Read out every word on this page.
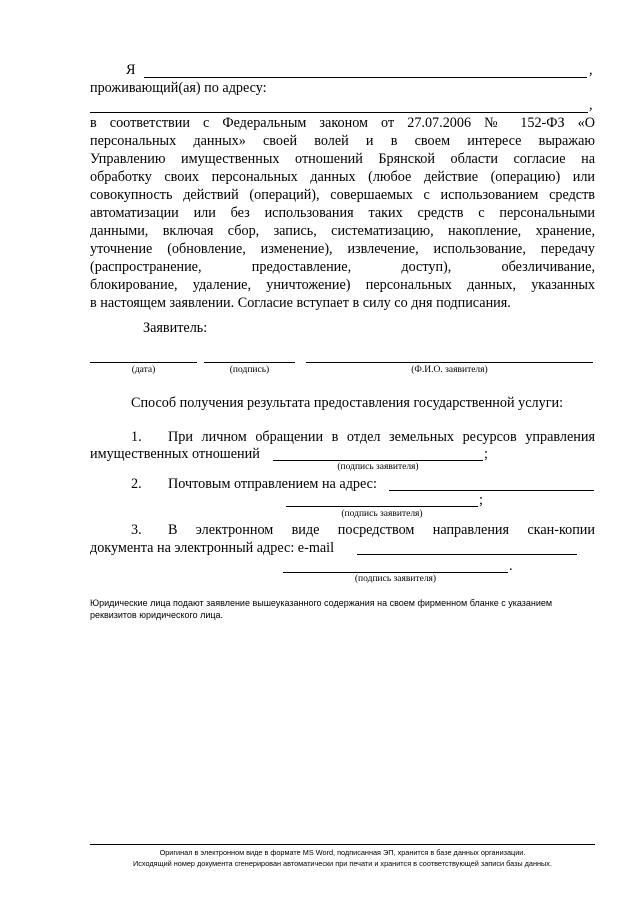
Я	,
проживающий(ая) по адресу:
,
в соответствии с Федеральным законом от 27.07.2006 № 152-ФЗ «О
персональных данных» своей волей и в своем интересе выражаю
Управлению имущественных отношений Брянской области согласие на
обработку своих персональных данных (любое действие (операцию) или
совокупность действий (операций), совершаемых с использованием средств
автоматизации или без использования таких средств с персональными
данными, включая сбор, запись, систематизацию, накопление, хранение,
уточнение (обновление, изменение), извлечение, использование, передачу
(распространение, предоставление, доступ), обезличивание,
блокирование, удаление, уничтожение) персональных данных, указанных
в настоящем заявлении. Согласие вступает в силу со дня подписания.
Заявитель:
(дата)	(подпись)	(Ф.И.О. заявителя)
Способ получения результата предоставления государственной услуги:
1. При личном обращении в отдел земельных ресурсов управления
имущественных отношений	;
(подпись заявителя)
2. Почтовым отправлением на адрес:
;
(подпись заявителя)
3. В электронном виде посредством направления скан-копии
документа на электронный адрес: e-mail
.
(подпись заявителя)
Юридические лица подают заявление вышеуказанного содержания на своем фирменном бланке с указанием
реквизитов юридического лица.
Оригинал в электронном виде в формате MS Word, подписанная ЭП, хранится в базе данных организации.
Исходящий номер документа сгенерирован автоматически при печати и хранится в соответствующей записи базы данных.
